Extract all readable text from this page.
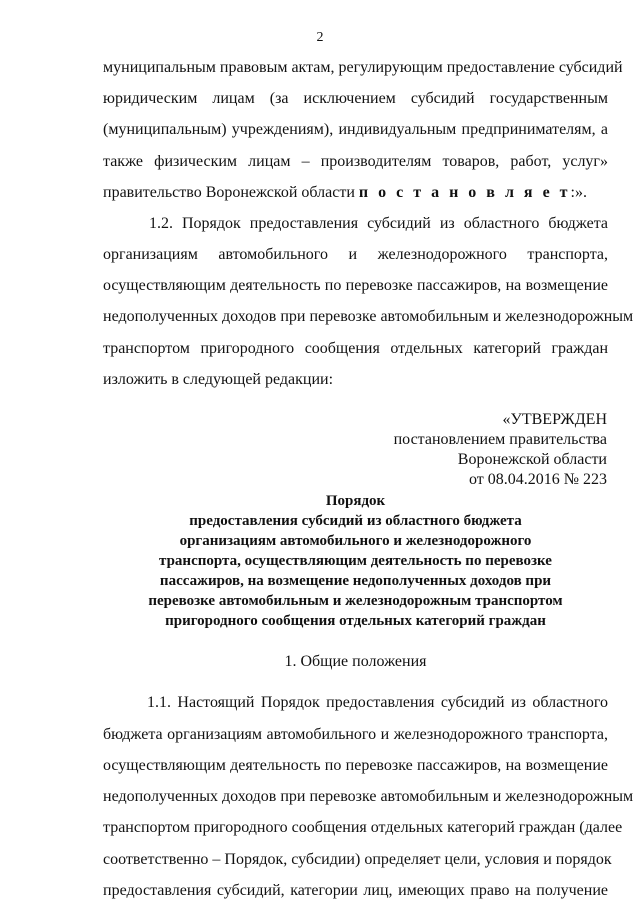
2
муниципальным правовым актам, регулирующим предоставление субсидий
юридическим лицам (за исключением субсидий государственным
(муниципальным) учреждениям), индивидуальным предпринимателям, а
также физическим лицам – производителям товаров, работ, услуг»
правительство Воронежской области п о с т а н о в л я е т:».
1.2. Порядок предоставления субсидий из областного бюджета
организациям автомобильного и железнодорожного транспорта,
осуществляющим деятельность по перевозке пассажиров, на возмещение
недополученных доходов при перевозке автомобильным и железнодорожным
транспортом пригородного сообщения отдельных категорий граждан
изложить в следующей редакции:
«УТВЕРЖДЕН
постановлением правительства
Воронежской области
от 08.04.2016 № 223
Порядок
предоставления субсидий из областного бюджета
организациям автомобильного и железнодорожного
транспорта, осуществляющим деятельность по перевозке
пассажиров, на возмещение недополученных доходов при
перевозке автомобильным и железнодорожным транспортом
пригородного сообщения отдельных категорий граждан
1. Общие положения
1.1. Настоящий Порядок предоставления субсидий из областного
бюджета организациям автомобильного и железнодорожного транспорта,
осуществляющим деятельность по перевозке пассажиров, на возмещение
недополученных доходов при перевозке автомобильным и железнодорожным
транспортом пригородного сообщения отдельных категорий граждан (далее
соответственно – Порядок, субсидии) определяет цели, условия и порядок
предоставления субсидий, категории лиц, имеющих право на получение
